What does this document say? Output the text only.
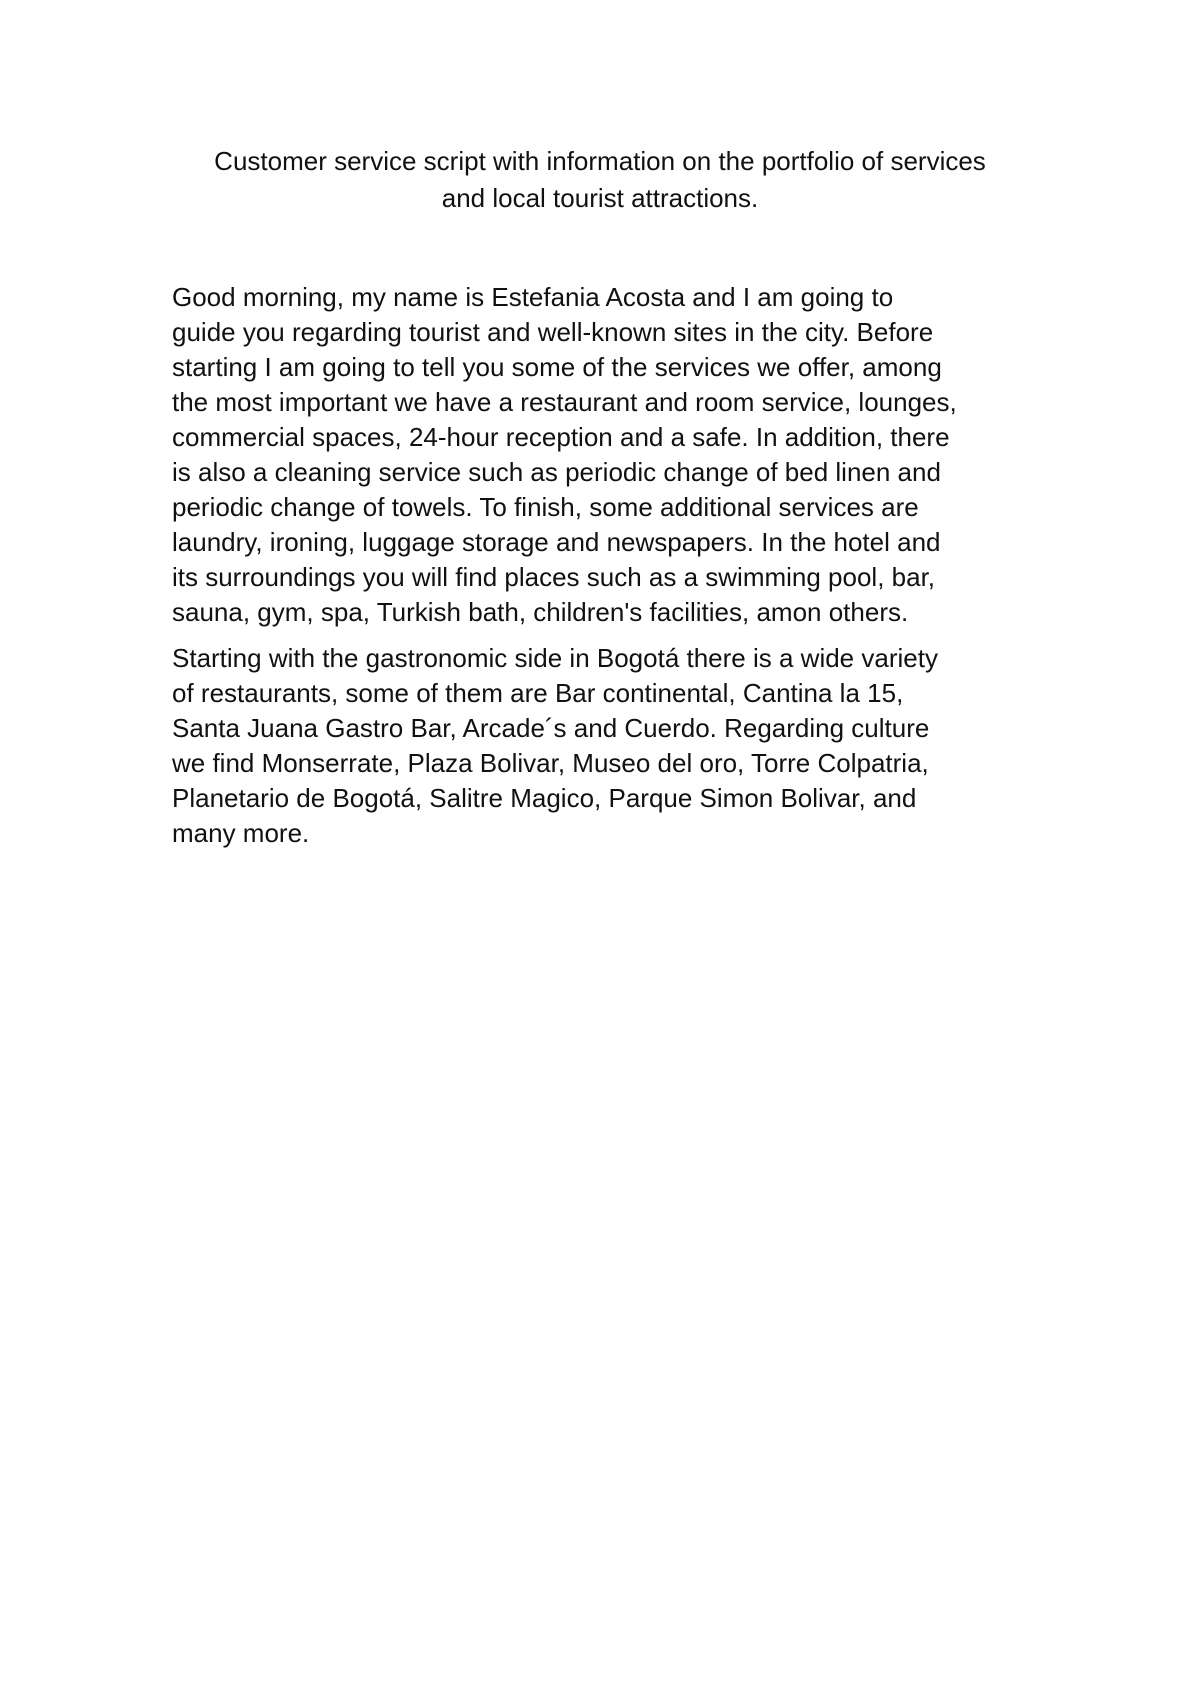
Customer service script with information on the portfolio of services
and local tourist attractions.

Good morning, my name is Estefania Acosta and I am going to
guide you regarding tourist and well-known sites in the city. Before
starting I am going to tell you some of the services we offer, among
the most important we have a restaurant and room service, lounges,
commercial spaces, 24-hour reception and a safe. In addition, there
is also a cleaning service such as periodic change of bed linen and
periodic change of towels. To finish, some additional services are
laundry, ironing, luggage storage and newspapers. In the hotel and
its surroundings you will find places such as a swimming pool, bar,
sauna, gym, spa, Turkish bath, children's facilities, amon others.

Starting with the gastronomic side in Bogotá there is a wide variety
of restaurants, some of them are Bar continental, Cantina la 15,
Santa Juana Gastro Bar, Arcade´s and Cuerdo. Regarding culture
we find Monserrate, Plaza Bolivar, Museo del oro, Torre Colpatria,
Planetario de Bogotá, Salitre Magico, Parque Simon Bolivar, and
many more.
